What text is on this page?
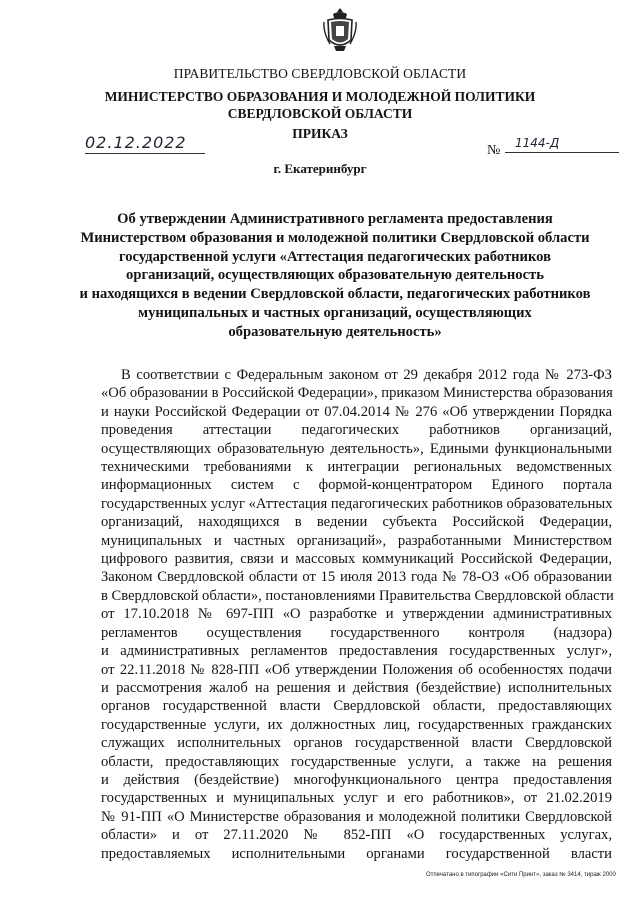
ПРАВИТЕЛЬСТВО СВЕРДЛОВСКОЙ ОБЛАСТИ
МИНИСТЕРСТВО ОБРАЗОВАНИЯ И МОЛОДЕЖНОЙ ПОЛИТИКИ
СВЕРДЛОВСКОЙ ОБЛАСТИ
ПРИКАЗ
02.12.2022	№	1144-Д
г. Екатеринбург
Об утверждении Административного регламента предоставления
Министерством образования и молодежной политики Свердловской области
государственной услуги «Аттестация педагогических работников
организаций, осуществляющих образовательную деятельность
и находящихся в ведении Свердловской области, педагогических работников
муниципальных и частных организаций, осуществляющих
образовательную деятельность»
В соответствии с Федеральным законом от 29 декабря 2012 года № 273-ФЗ
«Об образовании в Российской Федерации», приказом Министерства образования
и науки Российской Федерации от 07.04.2014 № 276 «Об утверждении Порядка
проведения аттестации педагогических работников организаций,
осуществляющих образовательную деятельность», Едиными функциональными
техническими требованиями к интеграции региональных ведомственных
информационных систем с формой-концентратором Единого портала
государственных услуг «Аттестация педагогических работников образовательных
организаций, находящихся в ведении субъекта Российской Федерации,
муниципальных и частных организаций», разработанными Министерством
цифрового развития, связи и массовых коммуникаций Российской Федерации,
Законом Свердловской области от 15 июля 2013 года № 78-ОЗ «Об образовании
в Свердловской области», постановлениями Правительства Свердловской области
от 17.10.2018 № 697-ПП «О разработке и утверждении административных
регламентов осуществления государственного контроля (надзора)
и административных регламентов предоставления государственных услуг»,
от 22.11.2018 № 828-ПП «Об утверждении Положения об особенностях подачи
и рассмотрения жалоб на решения и действия (бездействие) исполнительных
органов государственной власти Свердловской области, предоставляющих
государственные услуги, их должностных лиц, государственных гражданских
служащих исполнительных органов государственной власти Свердловской
области, предоставляющих государственные услуги, а также на решения
и действия (бездействие) многофункционального центра предоставления
государственных и муниципальных услуг и его работников», от 21.02.2019
№ 91-ПП «О Министерстве образования и молодежной политики Свердловской
области» и от 27.11.2020 № 852-ПП «О государственных услугах,
предоставляемых исполнительными органами государственной власти
Отпечатано в типографии «Сити Принт», заказ № 3414, тираж 2000
